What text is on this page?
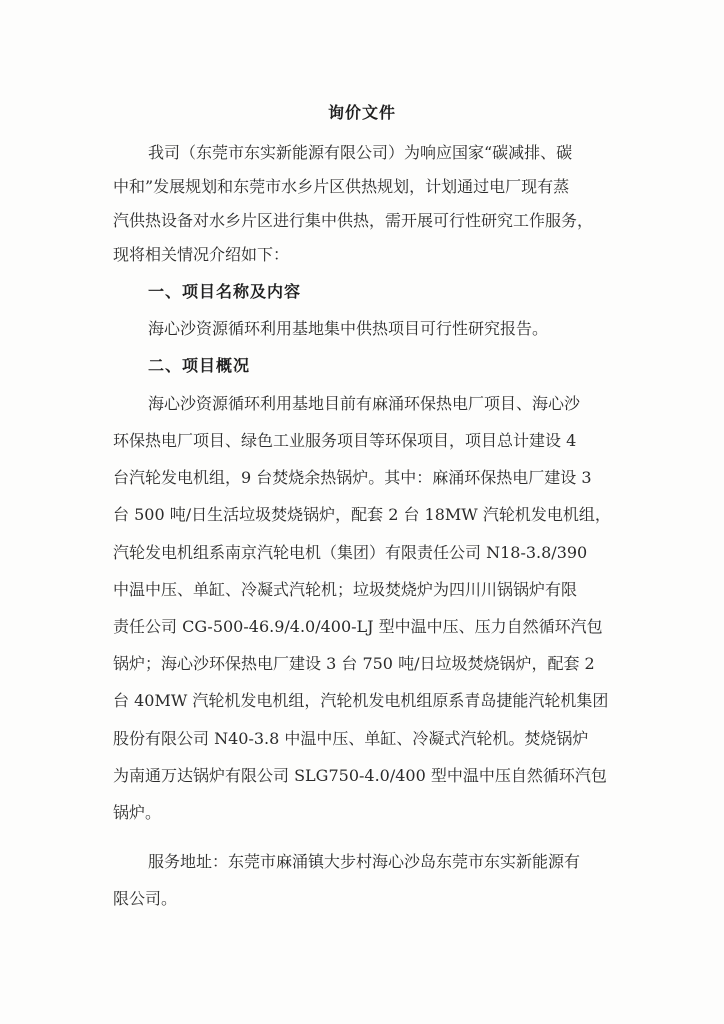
询价文件
我司（东莞市东实新能源有限公司）为响应国家“碳减排、碳
中和”发展规划和东莞市水乡片区供热规划，计划通过电厂现有蒸
汽供热设备对水乡片区进行集中供热，需开展可行性研究工作服务，
现将相关情况介绍如下：
一、项目名称及内容
海心沙资源循环利用基地集中供热项目可行性研究报告。
二、项目概况
海心沙资源循环利用基地目前有麻涌环保热电厂项目、海心沙
环保热电厂项目、绿色工业服务项目等环保项目，项目总计建设 4
台汽轮发电机组，9 台焚烧余热锅炉。其中：麻涌环保热电厂建设 3
台 500 吨/日生活垃圾焚烧锅炉，配套 2 台 18MW 汽轮机发电机组，
汽轮发电机组系南京汽轮电机（集团）有限责任公司 N18-3.8/390
中温中压、单缸、冷凝式汽轮机；垃圾焚烧炉为四川川锅锅炉有限
责任公司 CG-500-46.9/4.0/400-LJ 型中温中压、压力自然循环汽包
锅炉；海心沙环保热电厂建设 3 台 750 吨/日垃圾焚烧锅炉，配套 2
台 40MW 汽轮机发电机组，汽轮机发电机组原系青岛捷能汽轮机集团
股份有限公司 N40-3.8 中温中压、单缸、冷凝式汽轮机。焚烧锅炉
为南通万达锅炉有限公司 SLG750-4.0/400 型中温中压自然循环汽包
锅炉。
服务地址：东莞市麻涌镇大步村海心沙岛东莞市东实新能源有
限公司。
